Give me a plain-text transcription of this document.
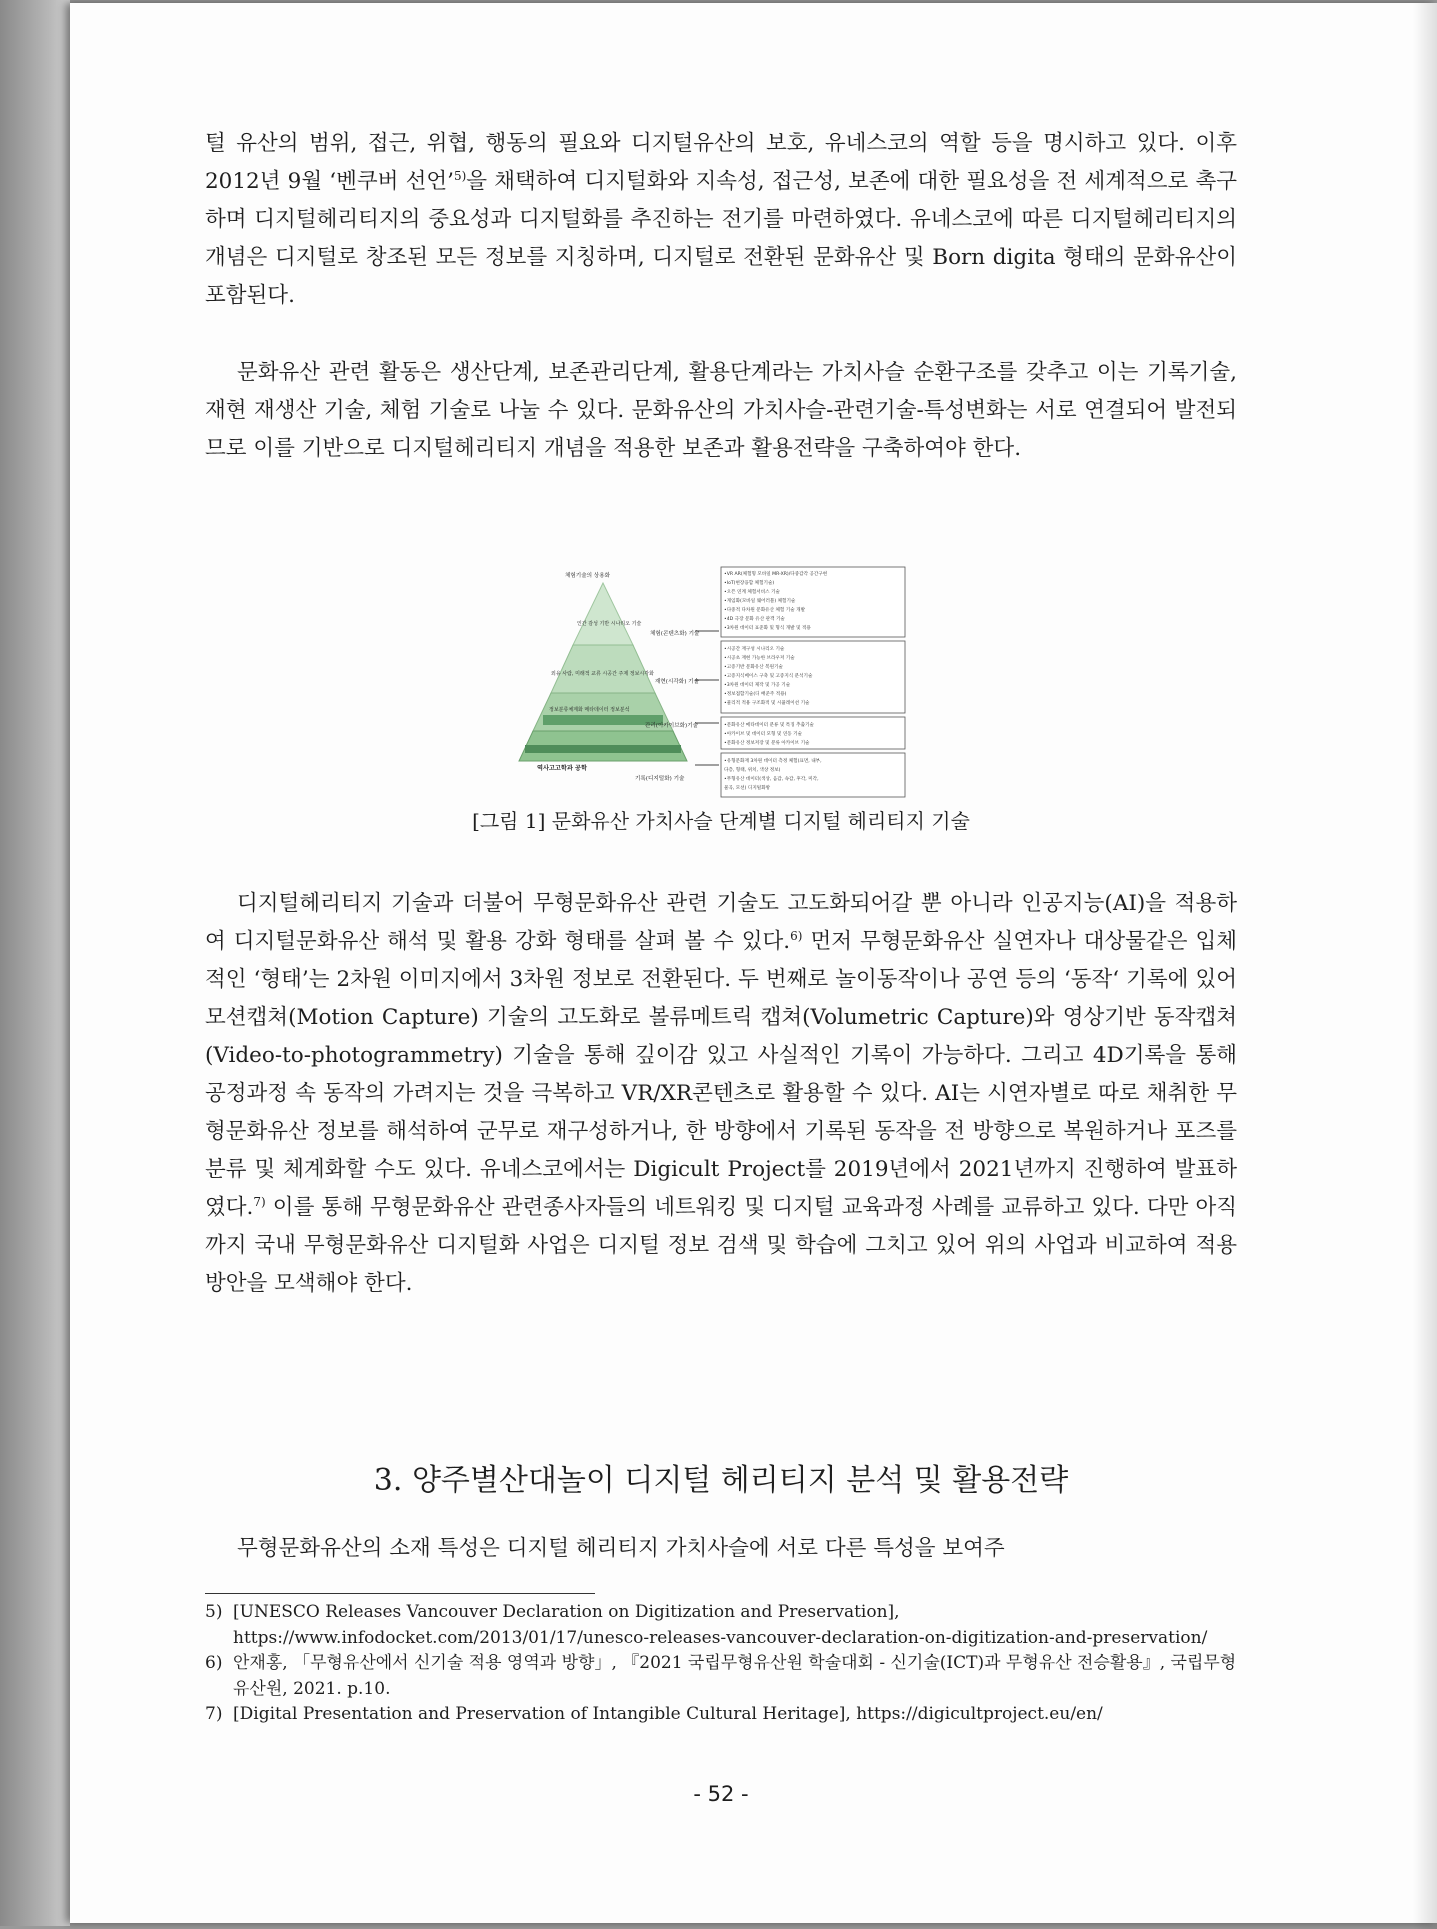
털 유산의 범위, 접근, 위협, 행동의 필요와 디지털유산의 보호, 유네스코의 역할 등을 명시하고 있다. 이후 2012년 9월 ‘벤쿠버 선언’$^{5)}$을 채택하여 디지털화와 지속성, 접근성, 보존에 대한 필요성을 전 세계적으로 촉구하며 디지털헤리티지의 중요성과 디지털화를 추진하는 전기를 마련하였다. 유네스코에 따른 디지털헤리티지의 개념은 디지털로 창조된 모든 정보를 지칭하며, 디지털로 전환된 문화유산 및 Born digita 형태의 문화유산이 포함된다.

문화유산 관련 활동은 생산단계, 보존관리단계, 활용단계라는 가치사슬 순환구조를 갖추고 이는 기록기술, 재현 재생산 기술, 체험 기술로 나눌 수 있다. 문화유산의 가치사슬-관련기술-특성변화는 서로 연결되어 발전되므로 이를 기반으로 디지털헤리티지 개념을 적용한 보존과 활용전략을 구축하여야 한다.

체험기술의 상용화
인간 감성 기반 시나리오 기술
외유 사람, 미래적 교류 시공간 주제 정보시각화
정보분류체계화 메타데이터 정보분석
역사고고학과 공학
체험(콘텐츠화) 기술
재현(시각화) 기술
관리(아카이브화)기술
기록(디지털화) 기술
•VR AR(체험형 모바일 MR-XR)/다중감각 공간구현
•IoT(현장융합 체험기술)
•오픈 연계 체험서비스 기술
•게임화(모바일 웨어러블) 체험기술
•다중적 다차원 문화유산 체험 기술 개발
•4D 극장 문화 유산 관객 기술
•3차원 데이터 표준화 및 형식 개발 및 적용
•시공간 재구성 시나리오 기술
•시공초 재현 가능한 브라우저 기술
•고증기반 문화유산 복원기술
•고증지식베이스 구축 및 고증지식 분석기술
•3차원 데이터 제작 및 가공 기술
•정보접합기술(디 배준주 적용)
•물리적 적용 구조화적 및 시뮬레이션 기술
•문화유산 메타데이터 분류 및 특징 추출기술
•아카이브 및 데이터 모형 및 연동 기술
•문화유산 정보저장 및 분류 아카이브 기술
•유형문화재 3차원 데이터 측정 체험(표면, 내부,
다층, 형태, 위치, 색상 정보)
•무형유산 데이터(색상, 음감, 속감, 후각, 미각,
물곡, 모션) 디지털화방
[그림 1] 문화유산 가치사슬 단계별 디지털 헤리티지 기술

디지털헤리티지 기술과 더불어 무형문화유산 관련 기술도 고도화되어갈 뿐 아니라 인공지능(AI)을 적용하여 디지털문화유산 해석 및 활용 강화 형태를 살펴 볼 수 있다.$^{6)}$ 먼저 무형문화유산 실연자나 대상물같은 입체적인 ‘형태’는 2차원 이미지에서 3차원 정보로 전환된다. 두 번째로 놀이동작이나 공연 등의 ‘동작‘ 기록에 있어 모션캡쳐(Motion Capture) 기술의 고도화로 볼류메트릭 캡쳐(Volumetric Capture)와 영상기반 동작캡쳐(Video-to-photogrammetry) 기술을 통해 깊이감 있고 사실적인 기록이 가능하다. 그리고 4D기록을 통해 공정과정 속 동작의 가려지는 것을 극복하고 VR/XR콘텐츠로 활용할 수 있다. AI는 시연자별로 따로 채취한 무형문화유산 정보를 해석하여 군무로 재구성하거나, 한 방향에서 기록된 동작을 전 방향으로 복원하거나 포즈를 분류 및 체계화할 수도 있다. 유네스코에서는 Digicult Project를 2019년에서 2021년까지 진행하여 발표하였다.$^{7)}$ 이를 통해 무형문화유산 관련종사자들의 네트워킹 및 디지털 교육과정 사례를 교류하고 있다. 다만 아직까지 국내 무형문화유산 디지털화 사업은 디지털 정보 검색 및 학습에 그치고 있어 위의 사업과 비교하여 적용방안을 모색해야 한다.

3. 양주별산대놀이 디지털 헤리티지 분석 및 활용전략

무형문화유산의 소재 특성은 디지털 헤리티지 가치사슬에 서로 다른 특성을 보여주

5) [UNESCO Releases Vancouver Declaration on Digitization and Preservation], https://www.infodocket.com/2013/01/17/unesco-releases-vancouver-declaration-on-digitization-and-preservation/
6) 안재홍, 「무형유산에서 신기술 적용 영역과 방향」, 『2021 국립무형유산원 학술대회 - 신기술(ICT)과 무형유산 전승활용』, 국립무형유산원, 2021. p.10.
7) [Digital Presentation and Preservation of Intangible Cultural Heritage], https://digicultproject.eu/en/
- 52 -
